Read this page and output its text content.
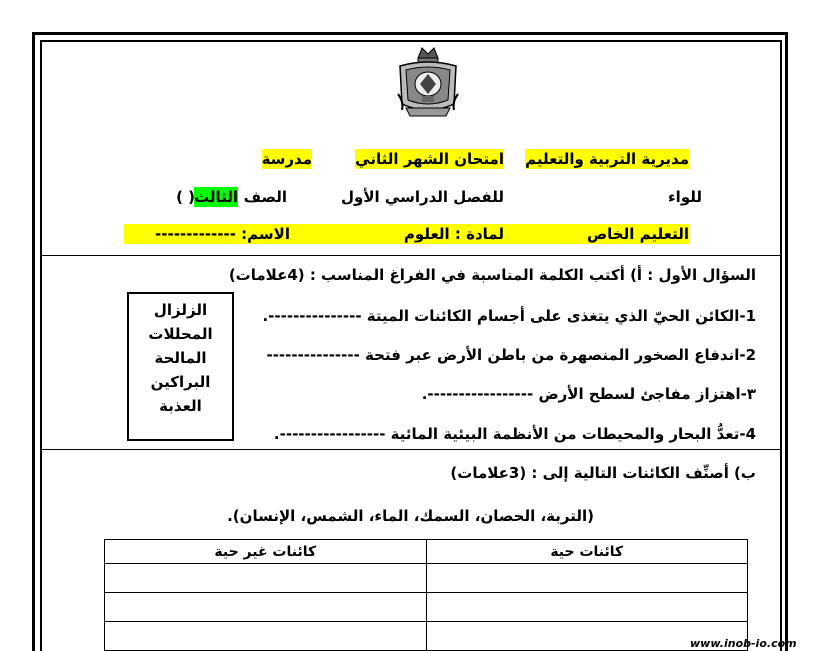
مديرية التربية والتعليم
امتحان الشهر الثاني
مدرسة
للواء
للفصل الدراسي الأول
الصف
الثالث
( )
التعليم الخاص
لمادة : العلوم
الاسم: -------------
السؤال الأول : أ) أكتب الكلمة المناسبة في الفراغ المناسب : (4علامات)
1-الكائن الحيّ الذي يتغذى على أجسام الكائنات الميتة ---------------.
2-اندفاع الصخور المنصهرة من باطن الأرض عبر فتحة ---------------
٣-اهتزاز مفاجئ لسطح الأرض -----------------.
4-تعدُّ البحار والمحيطات من الأنظمة البيئية المائية -----------------.
الزلزال
المحللات
المالحة
البراكين
العذبة
ب) أصنِّف الكائنات التالية إلى : (3علامات)
(التربة، الحصان، السمك، الماء، الشمس، الإنسان).
كائنات حية	كائنات غير حية

www.inob-io.com
